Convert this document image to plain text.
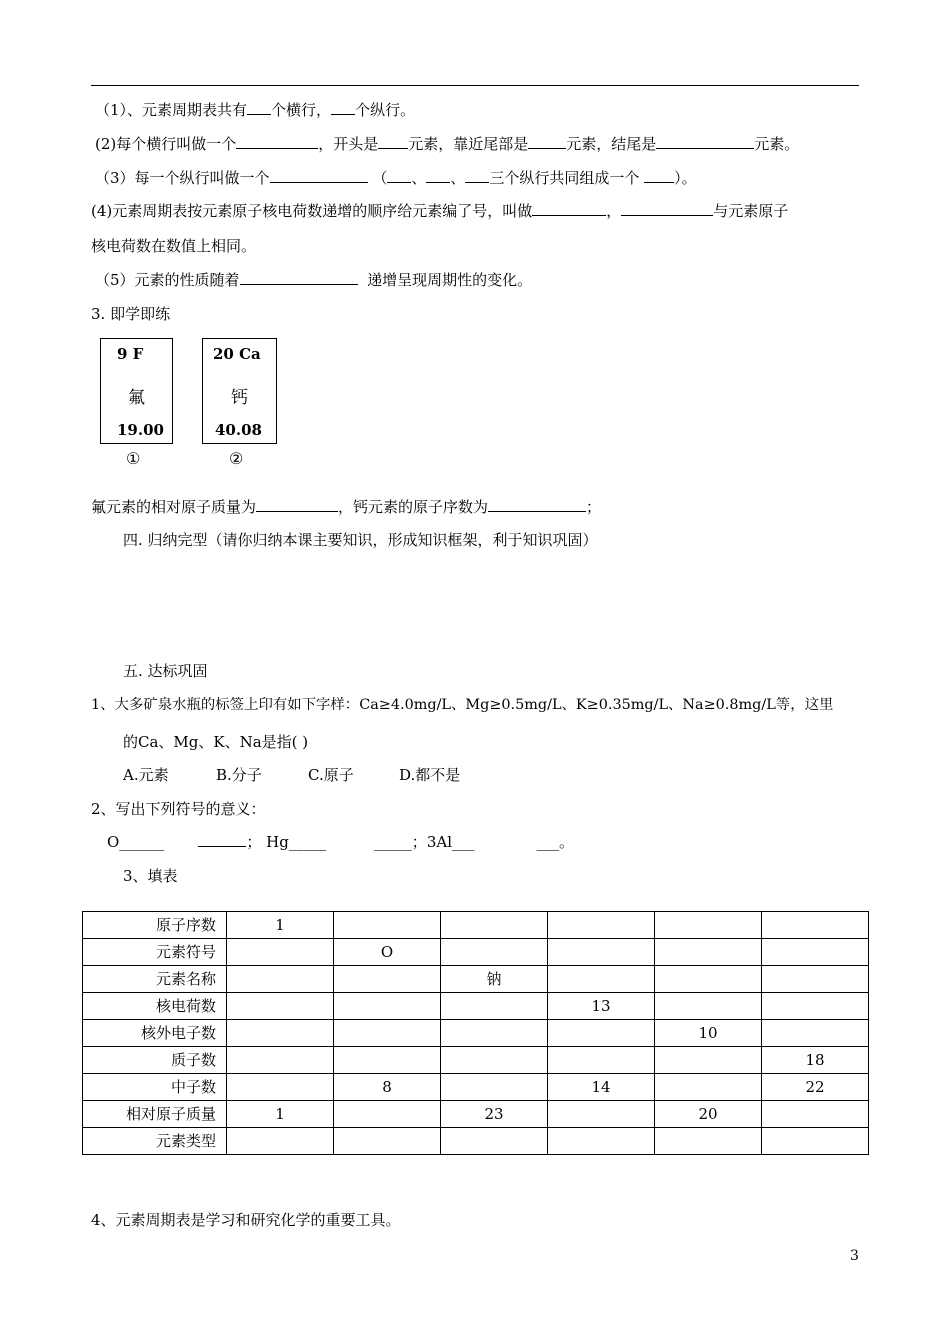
（1）、元素周期表共有 个横行， 个纵行。
(2)每个横行叫做一个	，开头是 元素，靠近尾部是	元素，结尾是	元素。
（3）每一个纵行叫做一个	（ 、 、 三个纵行共同组成一个 ）。
(4)元素周期表按元素原子核电荷数递增的顺序给元素编了号，叫做	，	与元素原子
核电荷数在数值上相同。
（5）元素的性质随着	递增呈现周期性的变化。
3. 即学即练
9 F
氟
19.00
20 Ca
钙
40.08
①	②
氟元素的相对原子质量为	，钙元素的原子序数为	；
四. 归纳完型（请你归纳本课主要知识，形成知识框架，利于知识巩固）
五. 达标巩固
1、大多矿泉水瓶的标签上印有如下字样：Ca≥4.0mg/L、Mg≥0.5mg/L、K≥0.35mg/L、Na≥0.8mg/L等，这里
的Ca、Mg、K、Na是指( )
A.元素	B.分子	C.原子	D.都不是
2、写出下列符号的意义：
O______	； Hg_____	_____；3Al___	___。
3、填表
原子序数	1					
元素符号		O				
元素名称			钠			
核电荷数				13		
核外电子数					10	
质子数						18
中子数		8		14		22
相对原子质量	1		23		20	
元素类型						
4、元素周期表是学习和研究化学的重要工具。
3
